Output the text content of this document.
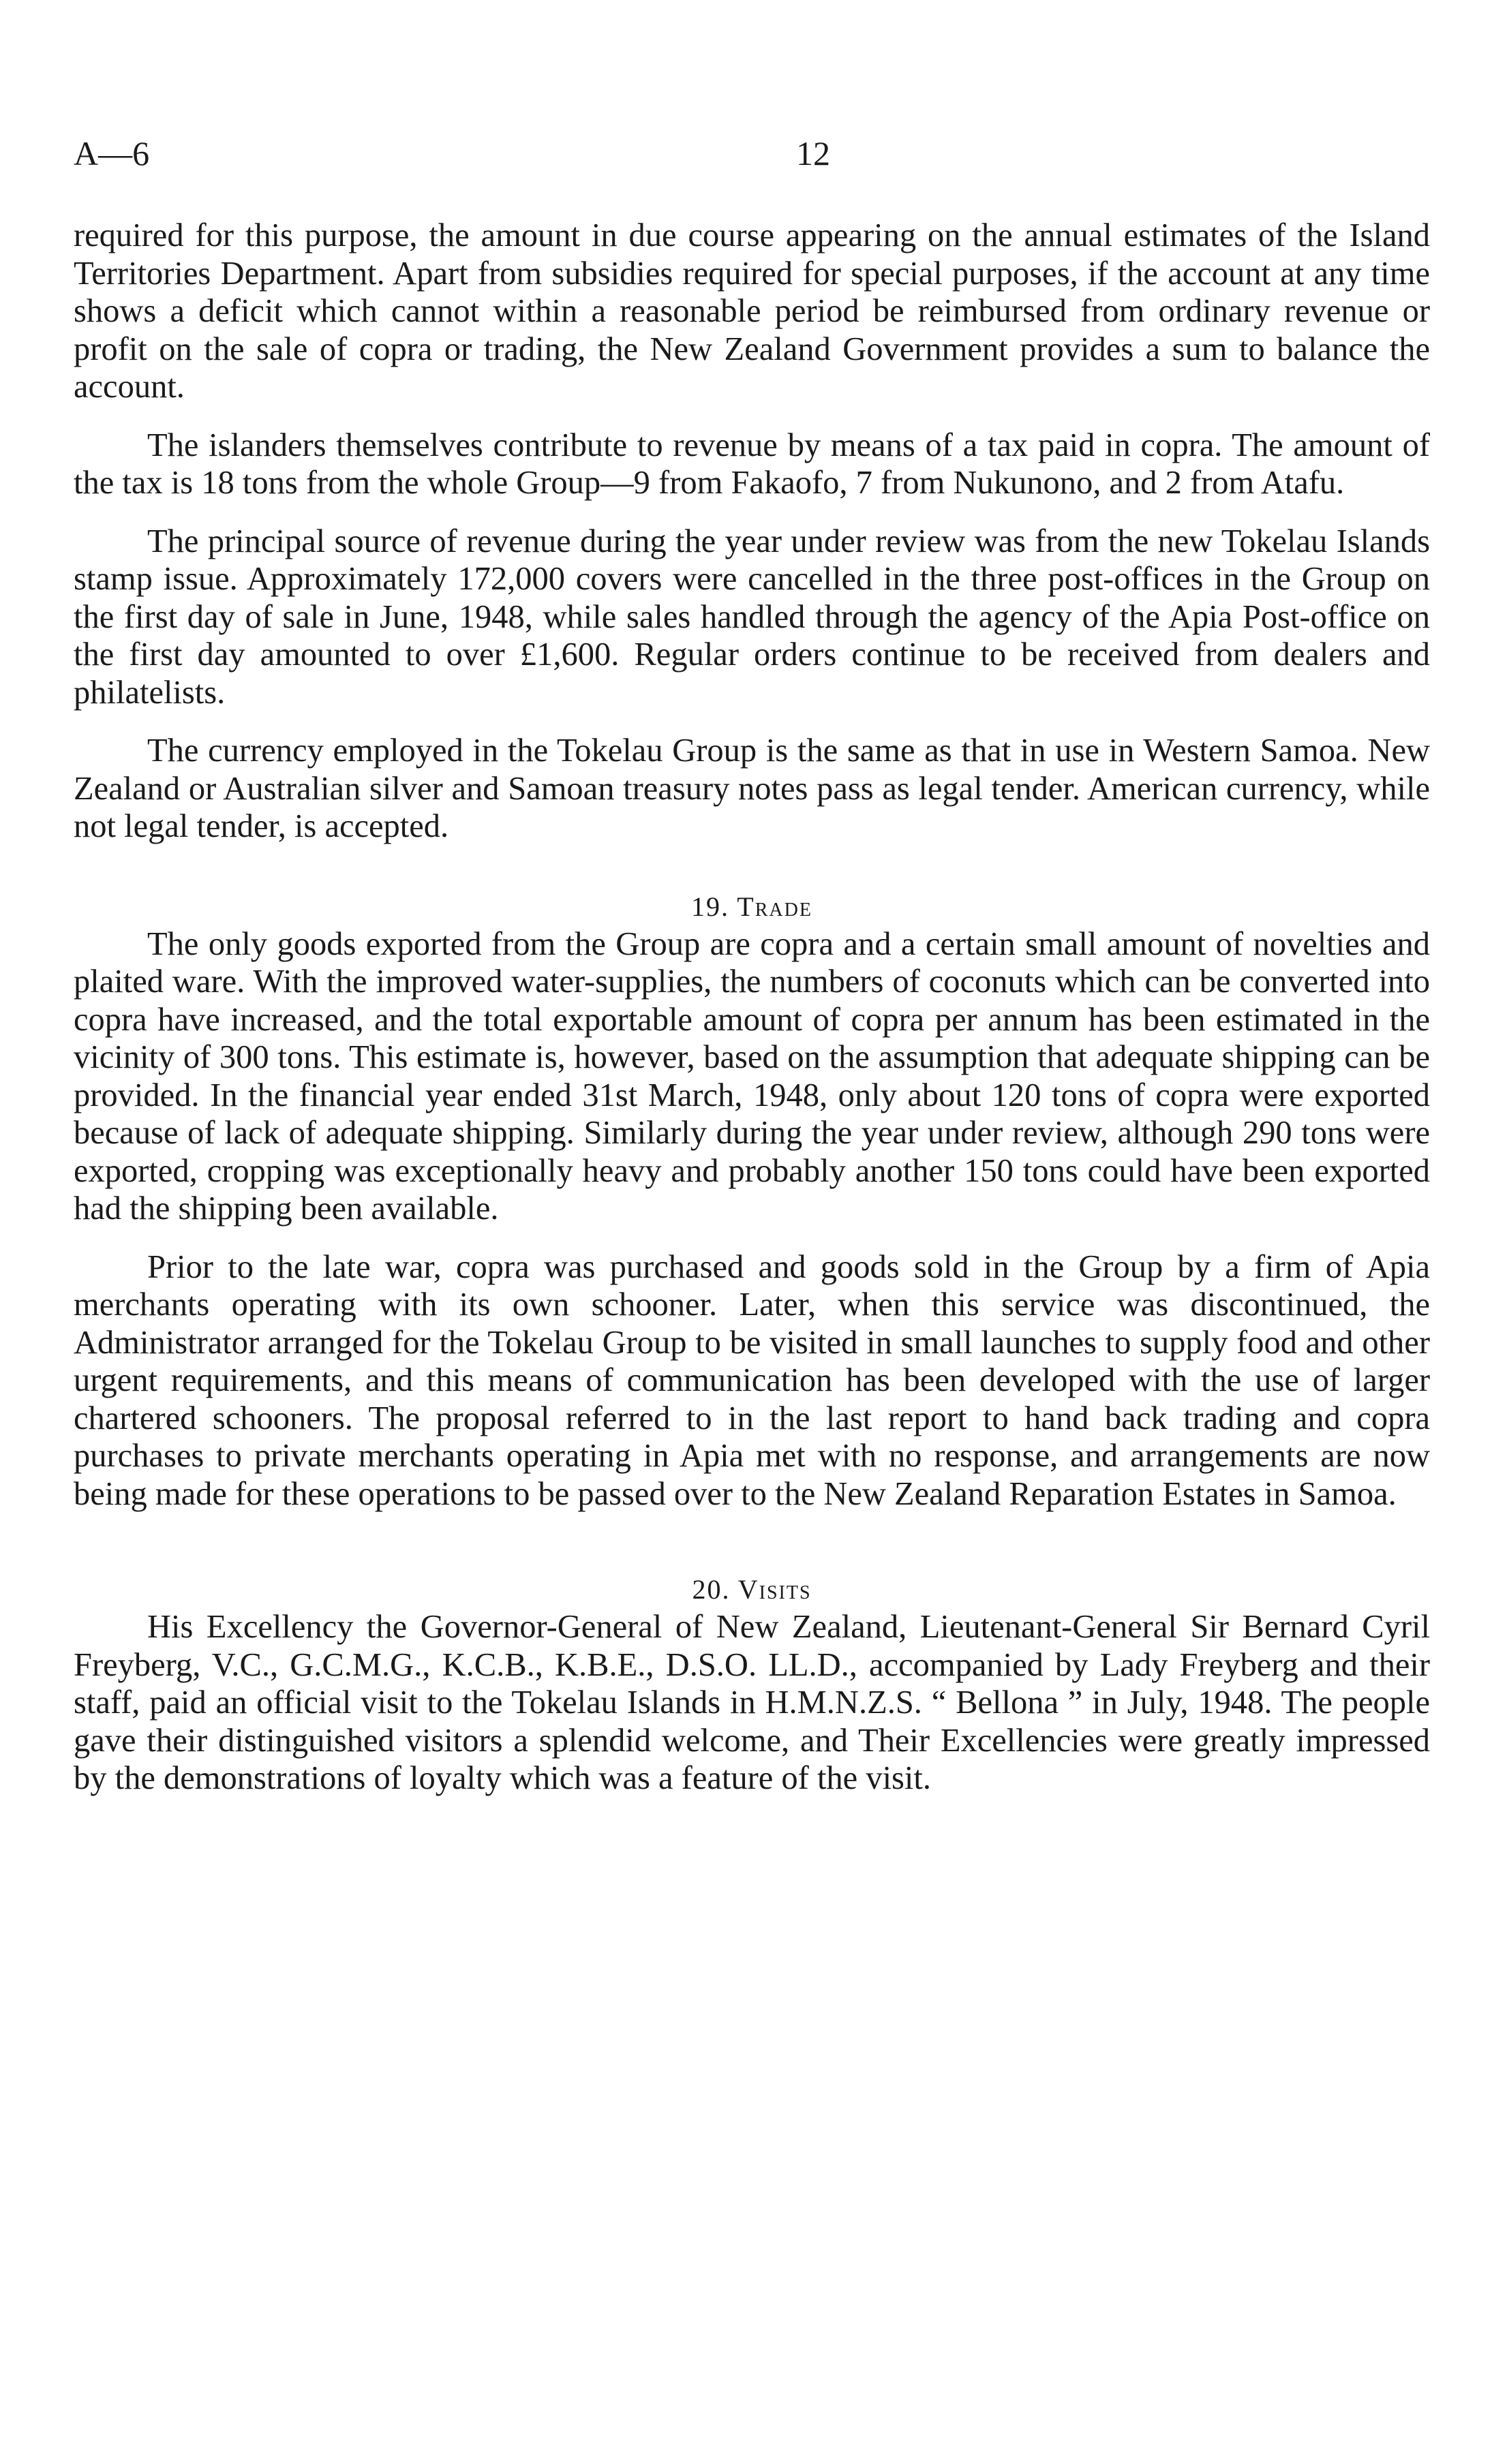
A—6	12

required for this purpose, the amount in due course appearing on the annual estimates of the Island Territories Department. Apart from subsidies required for special purposes, if the account at any time shows a deficit which cannot within a reasonable period be reimbursed from ordinary revenue or profit on the sale of copra or trading, the New Zealand Government provides a sum to balance the account.

The islanders themselves contribute to revenue by means of a tax paid in copra. The amount of the tax is 18 tons from the whole Group—9 from Fakaofo, 7 from Nukunono, and 2 from Atafu.

The principal source of revenue during the year under review was from the new Tokelau Islands stamp issue. Approximately 172,000 covers were cancelled in the three post-offices in the Group on the first day of sale in June, 1948, while sales handled through the agency of the Apia Post-office on the first day amounted to over £1,600. Regular orders continue to be received from dealers and philatelists.

The currency employed in the Tokelau Group is the same as that in use in Western Samoa. New Zealand or Australian silver and Samoan treasury notes pass as legal tender. American currency, while not legal tender, is accepted.

19. Trade

The only goods exported from the Group are copra and a certain small amount of novelties and plaited ware. With the improved water-supplies, the numbers of coconuts which can be converted into copra have increased, and the total exportable amount of copra per annum has been estimated in the vicinity of 300 tons. This estimate is, however, based on the assumption that adequate shipping can be provided. In the financial year ended 31st March, 1948, only about 120 tons of copra were exported because of lack of adequate shipping. Similarly during the year under review, although 290 tons were exported, cropping was exceptionally heavy and probably another 150 tons could have been exported had the shipping been available.

Prior to the late war, copra was purchased and goods sold in the Group by a firm of Apia merchants operating with its own schooner. Later, when this service was discontinued, the Administrator arranged for the Tokelau Group to be visited in small launches to supply food and other urgent requirements, and this means of communication has been developed with the use of larger chartered schooners. The proposal referred to in the last report to hand back trading and copra purchases to private merchants operating in Apia met with no response, and arrangements are now being made for these operations to be passed over to the New Zealand Reparation Estates in Samoa.

20. Visits

His Excellency the Governor-General of New Zealand, Lieutenant-General Sir Bernard Cyril Freyberg, V.C., G.C.M.G., K.C.B., K.B.E., D.S.O. LL.D., accompanied by Lady Freyberg and their staff, paid an official visit to the Tokelau Islands in H.M.N.Z.S. “ Bellona ” in July, 1948. The people gave their distinguished visitors a splendid welcome, and Their Excellencies were greatly impressed by the demonstrations of loyalty which was a feature of the visit.
